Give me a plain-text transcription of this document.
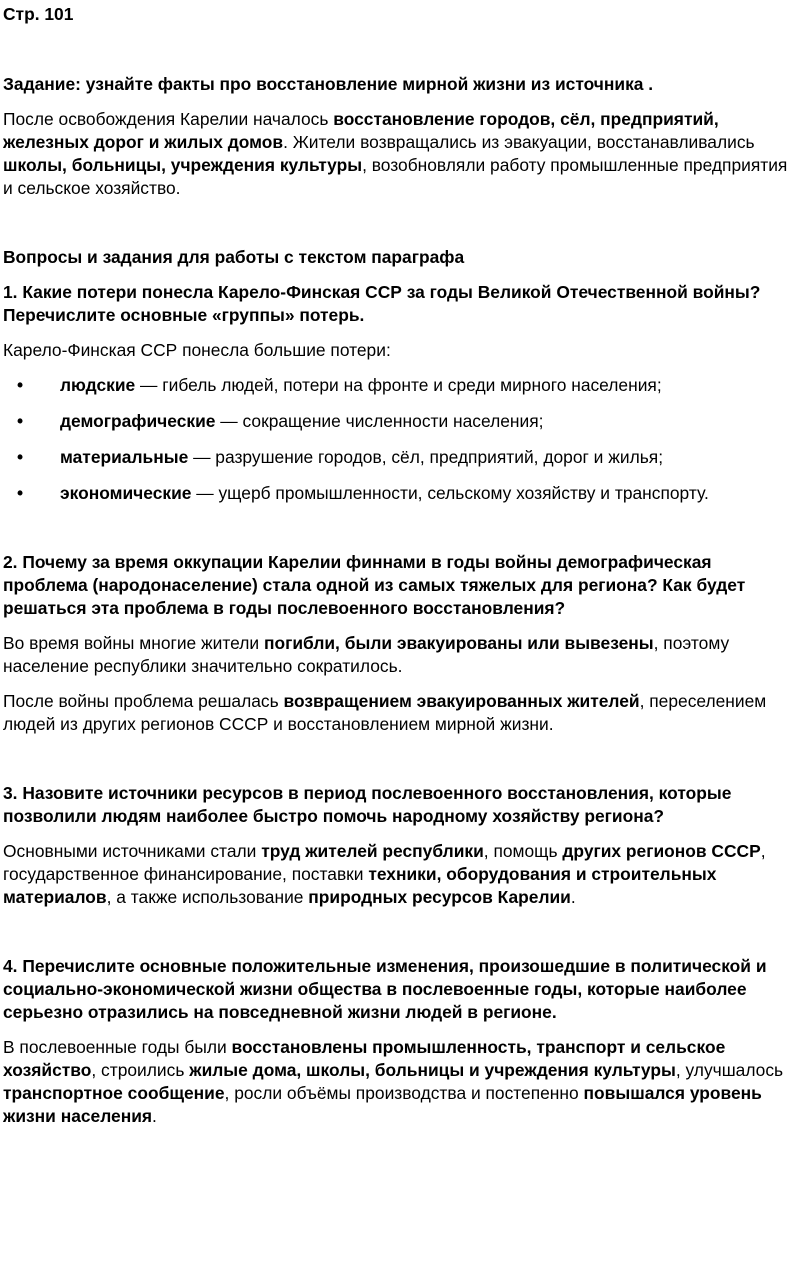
Стр. 101

Задание: узнайте факты про восстановление мирной жизни из источника .

После освобождения Карелии началось восстановление городов, сёл, предприятий, железных дорог и жилых домов. Жители возвращались из эвакуации, восстанавливались школы, больницы, учреждения культуры, возобновляли работу промышленные предприятия и сельское хозяйство.

Вопросы и задания для работы с текстом параграфа
1. Какие потери понесла Карело-Финская ССР за годы Великой Отечественной войны? Перечислите основные «группы» потерь.

Карело-Финская ССР понесла большие потери:

• людские — гибель людей, потери на фронте и среди мирного населения;
• демографические — сокращение численности населения;
• материальные — разрушение городов, сёл, предприятий, дорог и жилья;
• экономические — ущерб промышленности, сельскому хозяйству и транспорту.
2. Почему за время оккупации Карелии финнами в годы войны демографическая проблема (народонаселение) стала одной из самых тяжелых для региона? Как будет решаться эта проблема в годы послевоенного восстановления?

Во время войны многие жители погибли, были эвакуированы или вывезены, поэтому население республики значительно сократилось.

После войны проблема решалась возвращением эвакуированных жителей, переселением людей из других регионов СССР и восстановлением мирной жизни.

3. Назовите источники ресурсов в период послевоенного восстановления, которые позволили людям наиболее быстро помочь народному хозяйству региона?

Основными источниками стали труд жителей республики, помощь других регионов СССР, государственное финансирование, поставки техники, оборудования и строительных материалов, а также использование природных ресурсов Карелии.

4. Перечислите основные положительные изменения, произошедшие в политической и социально-экономической жизни общества в послевоенные годы, которые наиболее серьезно отразились на повседневной жизни людей в регионе.

В послевоенные годы были восстановлены промышленность, транспорт и сельское хозяйство, строились жилые дома, школы, больницы и учреждения культуры, улучшалось транспортное сообщение, росли объёмы производства и постепенно повышался уровень жизни населения.
